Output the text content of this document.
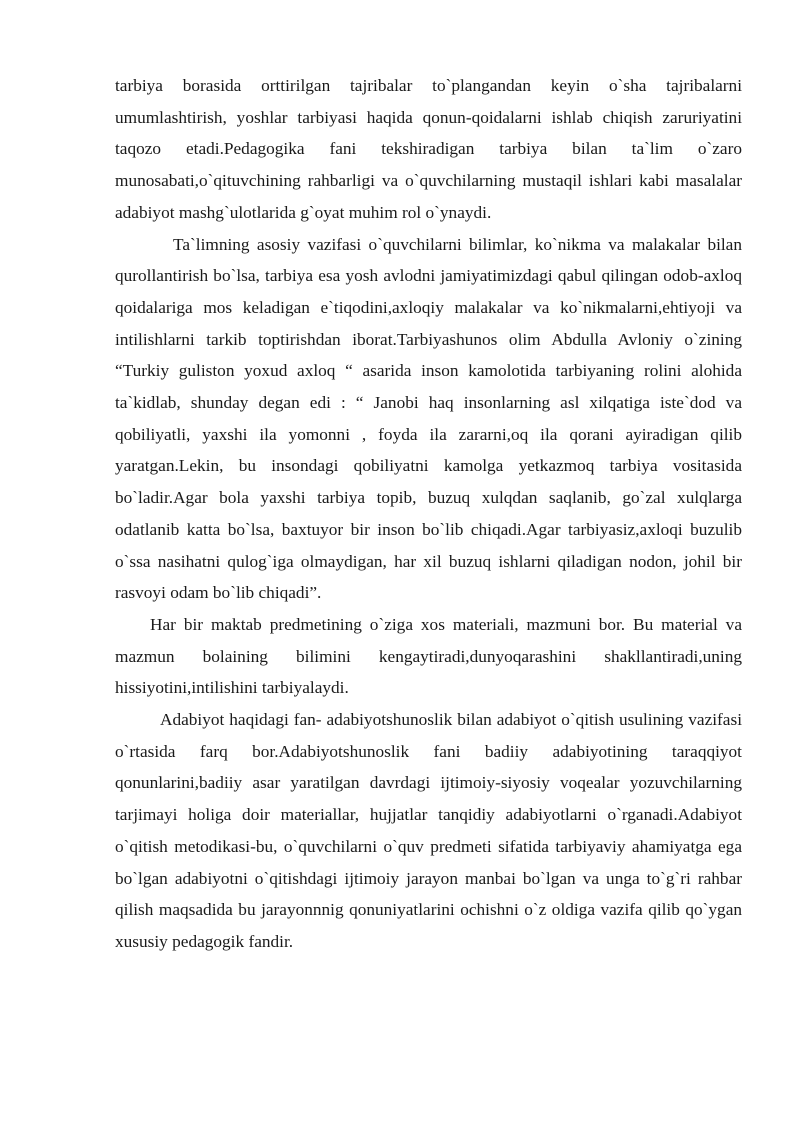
tarbiya borasida orttirilgan tajribalar to`plangandan keyin o`sha tajribalarni umumlashtirish, yoshlar tarbiyasi haqida qonun-qoidalarni ishlab chiqish zaruriyatini taqozo etadi.Pedagogika fani tekshiradigan tarbiya bilan ta`lim o`zaro munosabati,o`qituvchining rahbarligi va o`quvchilarning mustaqil ishlari kabi masalalar adabiyot mashg`ulotlarida g`oyat muhim rol o`ynaydi.

Ta`limning asosiy vazifasi o`quvchilarni bilimlar, ko`nikma va malakalar bilan qurollantirish bo`lsa, tarbiya esa yosh avlodni jamiyatimizdagi qabul qilingan odob-axloq qoidalariga mos keladigan e`tiqodini,axloqiy malakalar va ko`nikmalarni,ehtiyoji va intilishlarni tarkib toptirishdan iborat.Tarbiyashunos olim Abdulla Avloniy o`zining “Turkiy guliston yoxud axloq “ asarida inson kamolotida tarbiyaning rolini alohida ta`kidlab, shunday degan edi : “ Janobi haq insonlarning asl xilqatiga iste`dod va qobiliyatli, yaxshi ila yomonni , foyda ila zararni,oq ila qorani ayiradigan qilib yaratgan.Lekin, bu insondagi qobiliyatni kamolga yetkazmoq tarbiya vositasida bo`ladir.Agar bola yaxshi tarbiya topib, buzuq xulqdan saqlanib, go`zal xulqlarga odatlanib katta bo`lsa, baxtuyor bir inson bo`lib chiqadi.Agar tarbiyasiz,axloqi buzulib o`ssa nasihatni qulog`iga olmaydigan, har xil buzuq ishlarni qiladigan nodon, johil bir rasvoyi odam bo`lib chiqadi”.

Har bir maktab predmetining o`ziga xos materiali, mazmuni bor. Bu material va mazmun bolaining bilimini kengaytiradi,dunyoqarashini shakllantiradi,uning hissiyotini,intilishini tarbiyalaydi.

Adabiyot haqidagi fan- adabiyotshunoslik bilan adabiyot o`qitish usulining vazifasi o`rtasida farq bor.Adabiyotshunoslik fani badiiy adabiyotining taraqqiyot qonunlarini,badiiy asar yaratilgan davrdagi ijtimoiy-siyosiy voqealar yozuvchilarning tarjimayi holiga doir materiallar, hujjatlar tanqidiy adabiyotlarni o`rganadi.Adabiyot o`qitish metodikasi-bu, o`quvchilarni o`quv predmeti sifatida tarbiyaviy ahamiyatga ega bo`lgan adabiyotni o`qitishdagi ijtimoiy jarayon manbai bo`lgan va unga to`g`ri rahbar qilish maqsadida bu jarayonnnig qonuniyatlarini ochishni o`z oldiga vazifa qilib qo`ygan xususiy pedagogik fandir.
